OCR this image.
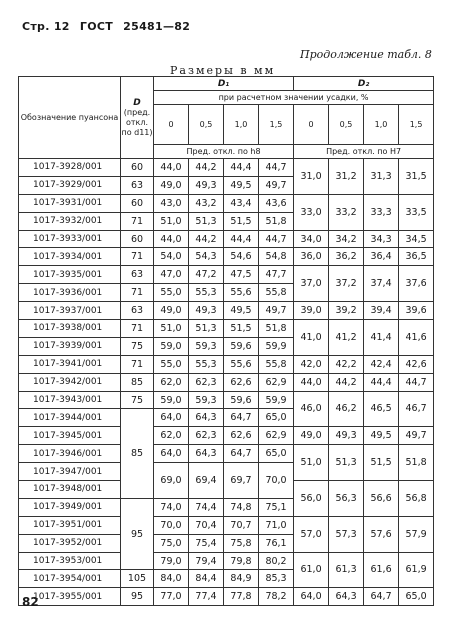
Стр. 12 ГОСТ 25481—82
Продолжение табл. 8
Размеры в мм
Обозначение пуансона	D
(пред. откл. по d11)	D₁				D₂			
		при расчетном значении усадки, %							
		0	0,5	1,0	1,5	0	0,5	1,0	1,5
		Пред. откл. по h8				Пред. откл. по H7			
1017-3928/001	60	44,0	44,2	44,4	44,7	31,0	31,2	31,3	31,5
1017-3929/001	63	49,0	49,3	49,5	49,7				
1017-3931/001	60	43,0	43,2	43,4	43,6	33,0	33,2	33,3	33,5
1017-3932/001	71	51,0	51,3	51,5	51,8				
1017-3933/001	60	44,0	44,2	44,4	44,7	34,0	34,2	34,3	34,5
1017-3934/001	71	54,0	54,3	54,6	54,8	36,0	36,2	36,4	36,5
1017-3935/001	63	47,0	47,2	47,5	47,7	37,0	37,2	37,4	37,6
1017-3936/001	71	55,0	55,3	55,6	55,8				
1017-3937/001	63	49,0	49,3	49,5	49,7	39,0	39,2	39,4	39,6
1017-3938/001	71	51,0	51,3	51,5	51,8	41,0	41,2	41,4	41,6
1017-3939/001	75	59,0	59,3	59,6	59,9				
1017-3941/001	71	55,0	55,3	55,6	55,8	42,0	42,2	42,4	42,6
1017-3942/001	85	62,0	62,3	62,6	62,9	44,0	44,2	44,4	44,7
1017-3943/001	75	59,0	59,3	59,6	59,9	46,0	46,2	46,5	46,7
1017-3944/001	85	64,0	64,3	64,7	65,0				
1017-3945/001		62,0	62,3	62,6	62,9	49,0	49,3	49,5	49,7
1017-3946/001		64,0	64,3	64,7	65,0	51,0	51,3	51,5	51,8
1017-3947/001		69,0	69,4	69,7	70,0				
1017-3948/001						56,0	56,3	56,6	56,8
1017-3949/001	95	74,0	74,4	74,8	75,1				
1017-3951/001		70,0	70,4	70,7	71,0	57,0	57,3	57,6	57,9
1017-3952/001		75,0	75,4	75,8	76,1				
1017-3953/001		79,0	79,4	79,8	80,2	61,0	61,3	61,6	61,9
1017-3954/001	105	84,0	84,4	84,9	85,3				
1017-3955/001	95	77,0	77,4	77,8	78,2	64,0	64,3	64,7	65,0
82
